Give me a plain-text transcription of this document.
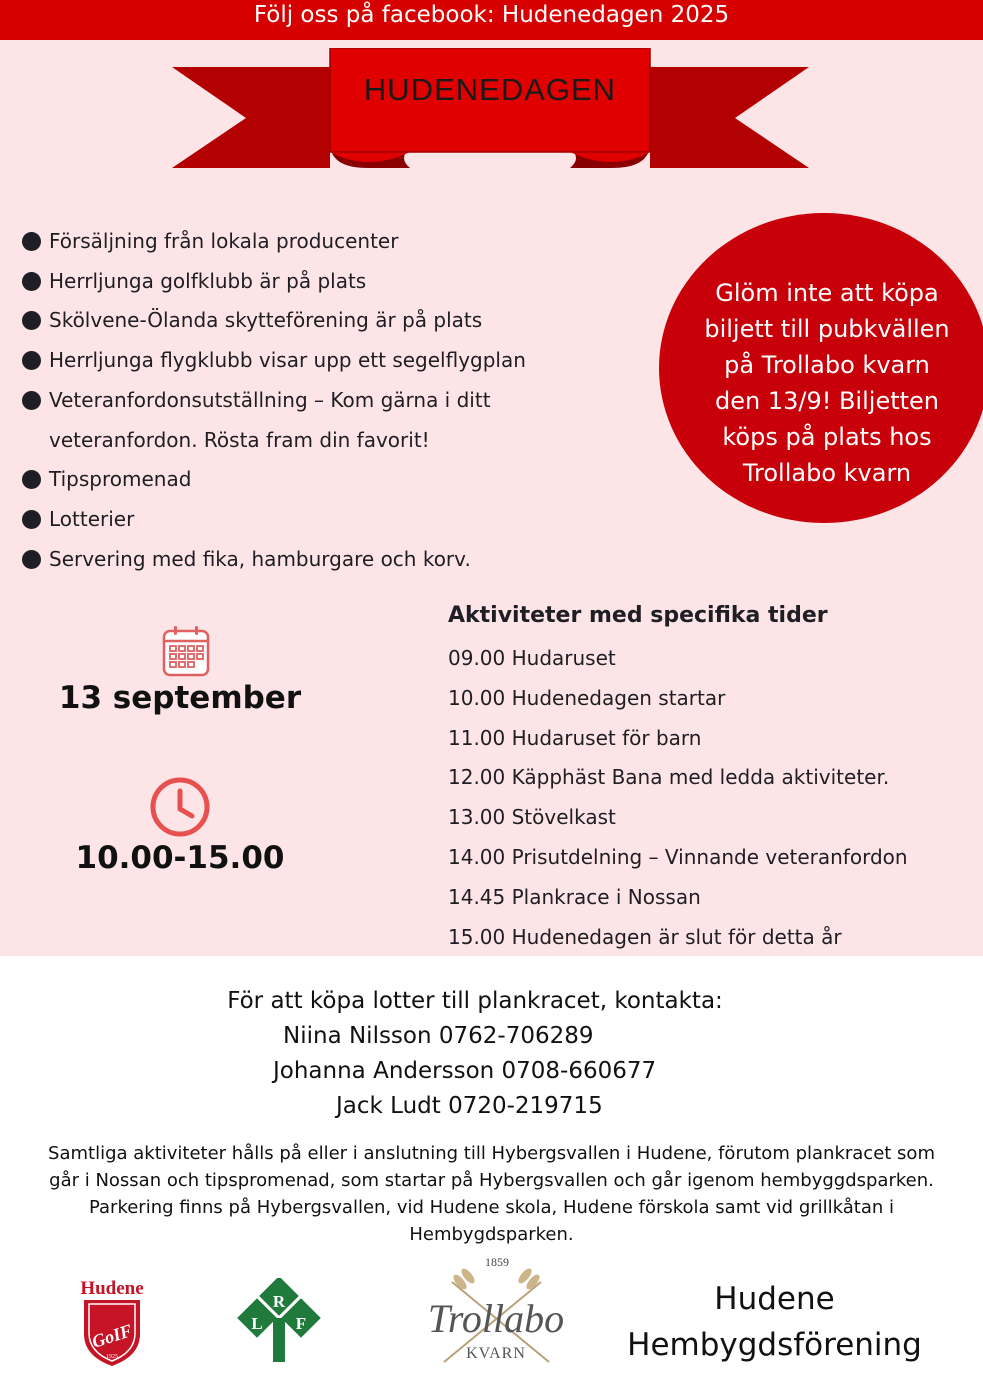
Följ oss på facebook: Hudenedagen 2025
HUDENEDAGEN
Försäljning från lokala producenter
Herrljunga golfklubb är på plats
Skölvene-Ölanda skytteförening är på plats
Herrljunga flygklubb visar upp ett segelflygplan
Veteranfordonsutställning – Kom gärna i ditt
veteranfordon. Rösta fram din favorit!
Tipspromenad
Lotterier
Servering med fika, hamburgare och korv.
Glöm inte att köpa
biljett till pubkvällen
på Trollabo kvarn
den 13/9! Biljetten
köps på plats hos
Trollabo kvarn
13 september
10.00-15.00
Aktiviteter med specifika tider
09.00 Hudaruset
10.00 Hudenedagen startar
11.00 Hudaruset för barn
12.00 Käpphäst Bana med ledda aktiviteter.
13.00 Stövelkast
14.00 Prisutdelning – Vinnande veteranfordon
14.45 Plankrace i Nossan
15.00 Hudenedagen är slut för detta år
För att köpa lotter till plankracet, kontakta:
Niina Nilsson 0762-706289
Johanna Andersson 0708-660677
Jack Ludt 0720-219715
Samtliga aktiviteter hålls på eller i anslutning till Hybergsvallen i Hudene, förutom plankracet som
går i Nossan och tipspromenad, som startar på Hybergsvallen och går igenom hembyggdsparken.
Parkering finns på Hybergsvallen, vid Hudene skola, Hudene förskola samt vid grillkåtan i
Hembygdsparken.
Hudene
GoIF
1925
R
L F
1859
Trollabo
KVARN
Hudene
Hembygdsförening
